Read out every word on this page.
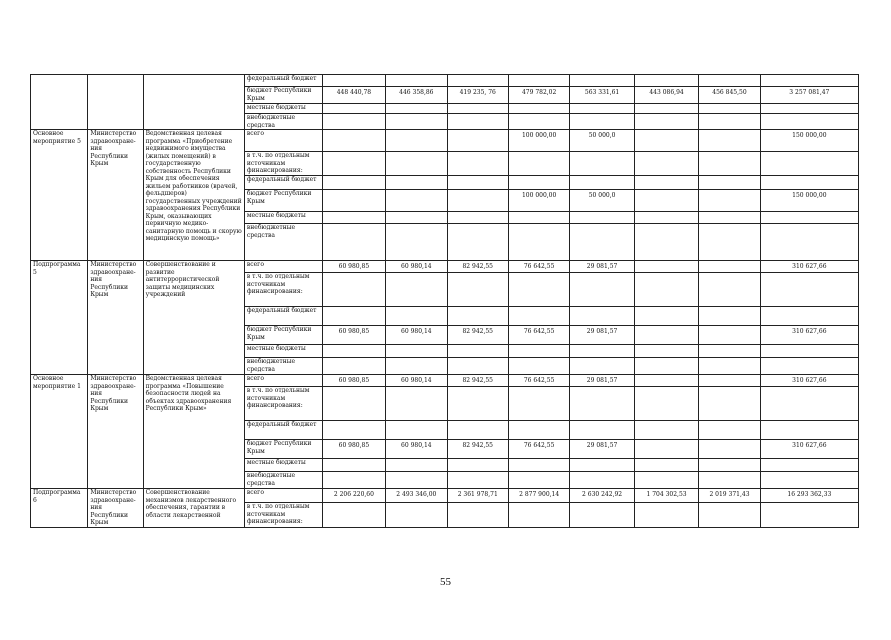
			федеральный бюджет								
			бюджет Республики Крым	448 440,78	446 358,86	419 235, 76	479 782,02	563 331,61	443 086,94	456 845,50	3 257 081,47
			местные бюджеты								
			внебюджетные средства								
Основное мероприятие 5	Министерство здравоохране-ния Республики Крым	Ведомственная целевая программа «Приобретение недвижимого имущества (жилых помещений) в государственную собственность Республики Крым для обеспечения жильем работников (врачей, фельдшеров) государственных учреждений здравоохранения Республики Крым, оказывающих первичную медико-санитарную помощь и скорую медицинскую помощь»	всего				100 000,00	50 000,0			150 000,00
			в т.ч. по отдельным источникам финансирования:								
			федеральный бюджет								
			бюджет Республики Крым				100 000,00	50 000,0			150 000,00
			местные бюджеты								
			внебюджетные средства								
Подпрограмма 5	Министерство здравоохране-ния Республики Крым	Совершенствование и развитие антитеррористической защиты медицинских учреждений	всего	60 980,85	60 980,14	82 942,55	76 642,55	29 081,57			310 627,66
			в т.ч. по отдельным источникам финансирования:								
			федеральный бюджет								
			бюджет Республики Крым	60 980,85	60 980,14	82 942,55	76 642,55	29 081,57			310 627,66
			местные бюджеты								
			внебюджетные средства								
Основное мероприятие 1	Министерство здравоохране-ния Республики Крым	Ведомственная целевая программа «Повышение безопасности людей на объектах здравоохранения Республики Крым»	всего	60 980,85	60 980,14	82 942,55	76 642,55	29 081,57			310 627,66
			в т.ч. по отдельным источникам финансирования:								
			федеральный бюджет								
			бюджет Республики Крым	60 980,85	60 980,14	82 942,55	76 642,55	29 081,57			310 627,66
			местные бюджеты								
			внебюджетные средства								
Подпрограмма 6	Министерство здравоохране-ния Республики Крым	Совершенствование механизмов лекарственного обеспечения, гарантии в области лекарственной	всего	2 206 220,60	2 493 346,00	2 361 978,71	2 877 900,14	2 630 242,92	1 704 302,53	2 019 371,43	16 293 362,33
			в т.ч. по отдельным источникам финансирования:								
55
